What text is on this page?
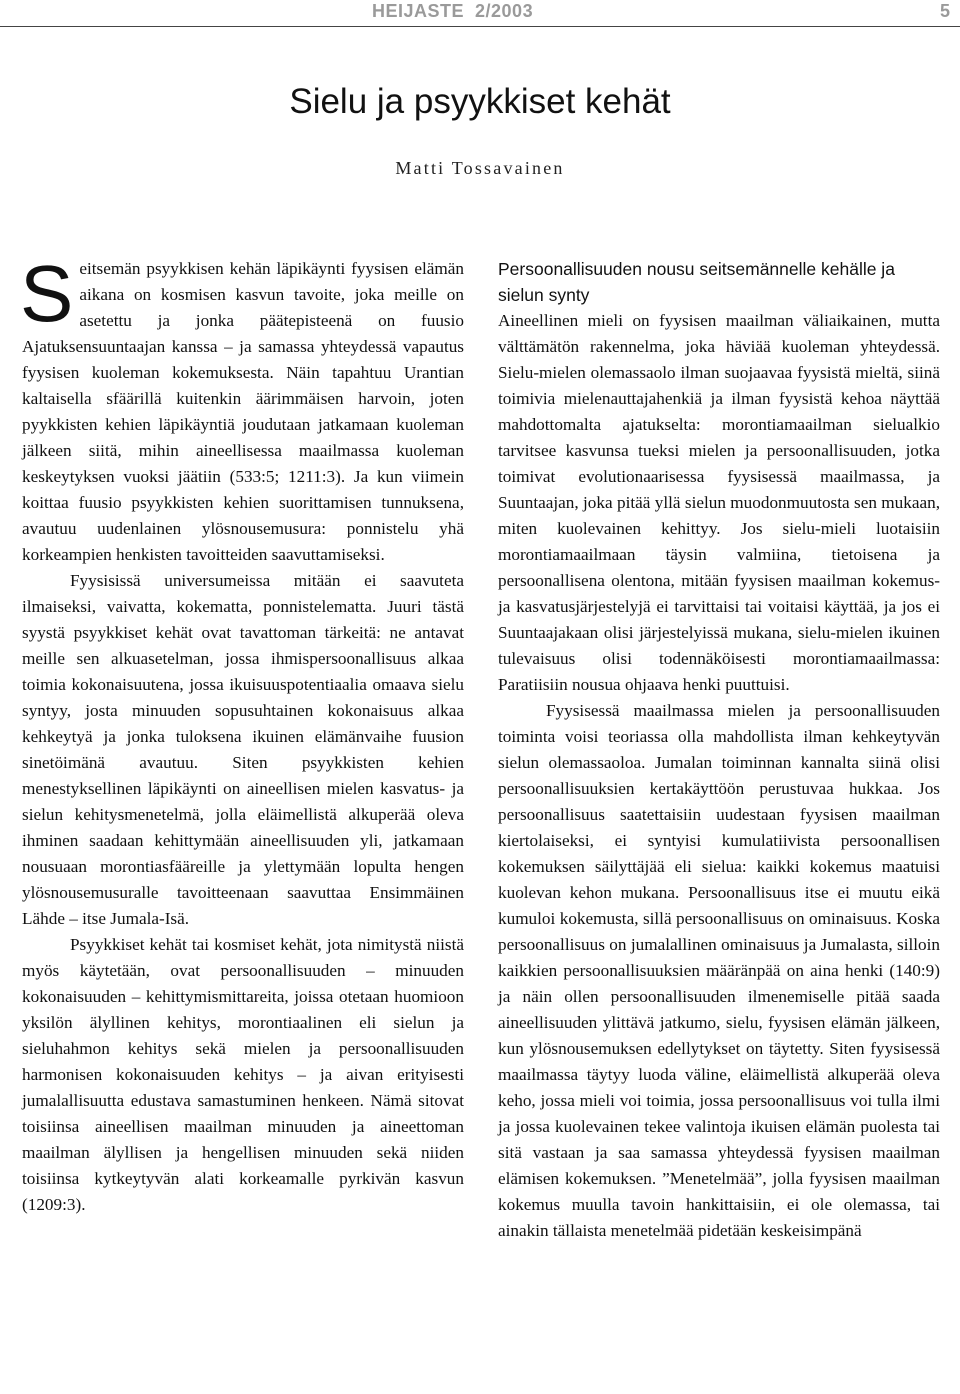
HEIJASTE  2/2003	5
Sielu ja psyykkiset kehät
Matti Tossavainen
S eitsemän psyykkisen kehän läpikäynti fyysisen elämän aikana on kosmisen kasvun tavoite, joka meille on asetettu ja jonka päätepisteenä on fuusio Ajatuksensuuntaajan kanssa – ja samassa yhteydessä vapautus fyysisen kuoleman kokemuksesta. Näin tapahtuu Urantian kaltaisella sfäärillä kuitenkin äärimmäisen harvoin, joten pyykkisten kehien läpikäyntiä joudutaan jatkamaan kuoleman jälkeen siitä, mihin aineellisessa maailmassa kuoleman keskeytyksen vuoksi jäätiin (533:5; 1211:3). Ja kun viimein koittaa fuusio psyykkisten kehien suorittamisen tunnuksena, avautuu uudenlainen ylösnousemusura: ponnistelu yhä korkeampien henkisten tavoitteiden saavuttamiseksi.

Fyysisissä universumeissa mitään ei saavuteta ilmaiseksi, vaivatta, kokematta, ponnistelematta. Juuri tästä syystä psyykkiset kehät ovat tavattoman tärkeitä: ne antavat meille sen alkuasetelman, jossa ihmispersoonallisuus alkaa toimia kokonaisuutena, jossa ikuisuuspotentiaalia omaava sielu syntyy, josta minuuden sopusuhtainen kokonaisuus alkaa kehkeytyä ja jonka tuloksena ikuinen elämänvaihe fuusion sinetöimänä avautuu. Siten psyykkisten kehien menestyksellinen läpikäynti on aineellisen mielen kasvatus- ja sielun kehitysmenetelmä, jolla eläimellistä alkuperää oleva ihminen saadaan kehittymään aineellisuuden yli, jatkamaan nousuaan morontiasfääreille ja ylettymään lopulta hengen ylösnousemusuralle tavoitteenaan saavuttaa Ensimmäinen Lähde – itse Jumala-Isä.

Psyykkiset kehät tai kosmiset kehät, jota nimitystä niistä myös käytetään, ovat persoonallisuuden – minuuden kokonaisuuden – kehittymismittareita, joissa otetaan huomioon yksilön älyllinen kehitys, morontiaalinen eli sielun ja sieluhahmon kehitys sekä mielen ja persoonallisuuden harmonisen kokonaisuuden kehitys – ja aivan erityisesti jumalallisuutta edustava samastuminen henkeen. Nämä sitovat toisiinsa aineellisen maailman minuuden ja aineettoman maailman älyllisen ja hengellisen minuuden sekä niiden toisiinsa kytkeytyvän alati korkeamalle pyrkivän kasvun (1209:3).

Persoonallisuuden nousu seitsemännelle kehälle ja sielun synty

Aineellinen mieli on fyysisen maailman väliaikainen, mutta välttämätön rakennelma, joka häviää kuoleman yhteydessä. Sielu-mielen olemassaolo ilman suojaavaa fyysistä mieltä, siinä toimivia mielenauttajahenkiä ja ilman fyysistä kehoa näyttää mahdottomalta ajatukselta: morontiamaailman sielualkio tarvitsee kasvunsa tueksi mielen ja persoonallisuuden, jotka toimivat evolutionaarisessa fyysisessä maailmassa, ja Suuntaajan, joka pitää yllä sielun muodonmuutosta sen mukaan, miten kuolevainen kehittyy. Jos sielu-mieli luotaisiin morontiamaailmaan täysin valmiina, tietoisena ja persoonallisena olentona, mitään fyysisen maailman kokemus- ja kasvatusjärjestelyjä ei tarvittaisi tai voitaisi käyttää, ja jos ei Suuntaajakaan olisi järjestelyissä mukana, sielu-mielen ikuinen tulevaisuus olisi todennäköisesti morontiamaailmassa: Paratiisiin nousua ohjaava henki puuttuisi.

Fyysisessä maailmassa mielen ja persoonallisuuden toiminta voisi teoriassa olla mahdollista ilman kehkeytyvän sielun olemassaoloa. Jumalan toiminnan kannalta siinä olisi persoonallisuuksien kertakäyttöön perustuvaa hukkaa. Jos persoonallisuus saatettaisiin uudestaan fyysisen maailman kiertolaiseksi, ei syntyisi kumulatiivista persoonallisen kokemuksen säilyttäjää eli sielua: kaikki kokemus maatuisi kuolevan kehon mukana. Persoonallisuus itse ei muutu eikä kumuloi kokemusta, sillä persoonallisuus on ominaisuus. Koska persoonallisuus on jumalallinen ominaisuus ja Jumalasta, silloin kaikkien persoonallisuuksien määränpää on aina henki (140:9) ja näin ollen persoonallisuuden ilmenemiselle pitää saada aineellisuuden ylittävä jatkumo, sielu, fyysisen elämän jälkeen, kun ylösnousemuksen edellytykset on täytetty. Siten fyysisessä maailmassa täytyy luoda väline, eläimellistä alkuperää oleva keho, jossa mieli voi toimia, jossa persoonallisuus voi tulla ilmi ja jossa kuolevainen tekee valintoja ikuisen elämän puolesta tai sitä vastaan ja saa samassa yhteydessä fyysisen maailman elämisen kokemuksen. ”Menetelmää”, jolla fyysisen maailman kokemus muulla tavoin hankittaisiin, ei ole olemassa, tai ainakin tällaista menetelmää pidetään keskeisimpänä
